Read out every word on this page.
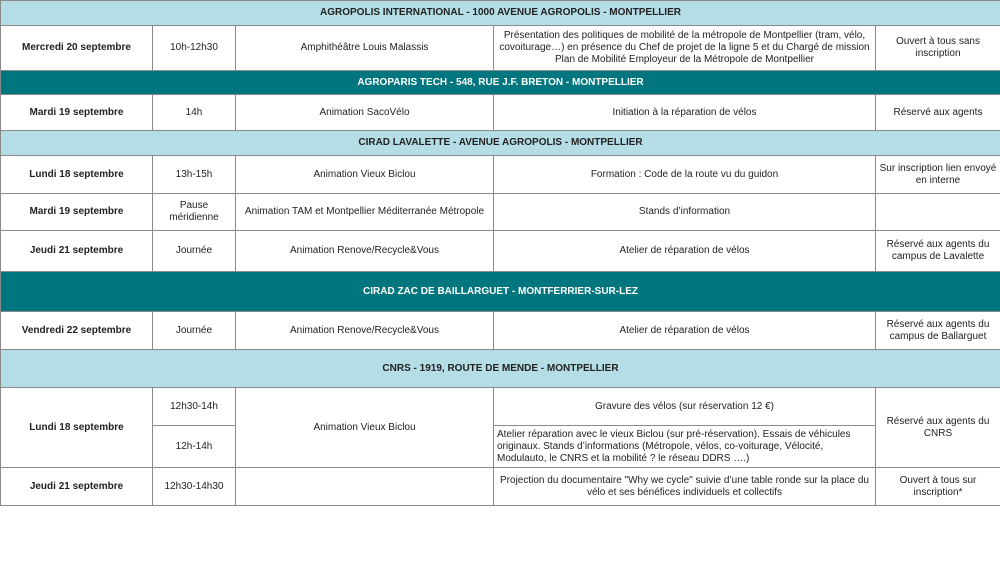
AGROPOLIS INTERNATIONAL - 1000 AVENUE AGROPOLIS - MONTPELLIER				
Mercredi 20 septembre	10h-12h30	Amphithéâtre Louis Malassis	Présentation des politiques de mobilité de la métropole de Montpellier (tram, vélo, covoiturage…) en présence du Chef de projet de la ligne 5 et du Chargé de mission Plan de Mobilité Employeur de la Métropole de Montpellier	Ouvert à tous sans inscription
AGROPARIS TECH - 548, RUE J.F. BRETON - MONTPELLIER				
Mardi 19 septembre	14h	Animation SacoVélo	Initiation à la réparation de vélos	Réservé aux agents
CIRAD LAVALETTE - AVENUE AGROPOLIS - MONTPELLIER				
Lundi 18 septembre	13h-15h	Animation Vieux Biclou	Formation : Code de la route vu du guidon	Sur inscription lien envoyé en interne
Mardi 19 septembre	Pause méridienne	Animation TAM et Montpellier Méditerranée Métropole	Stands d’information	
Jeudi 21 septembre	Journée	Animation Renove/Recycle&Vous	Atelier de réparation de vélos	Réservé aux agents du campus de Lavalette
CIRAD ZAC DE BAILLARGUET - MONTFERRIER-SUR-LEZ				
Vendredi 22 septembre	Journée	Animation Renove/Recycle&Vous	Atelier de réparation de vélos	Réservé aux agents du campus de Ballarguet
CNRS - 1919, ROUTE DE MENDE - MONTPELLIER				
Lundi 18 septembre	12h30-14h	Animation Vieux Biclou	Gravure des vélos (sur réservation 12 €)	Réservé aux agents du CNRS
	12h-14h		Atelier réparation avec le vieux Biclou (sur pré-réservation). Essais de véhicules originaux. Stands d’informations (Métropole, vélos, co-voiturage, Vélocité, Modulauto, le CNRS et la mobilité ? le réseau DDRS ….)	
Jeudi 21 septembre	12h30-14h30		Projection du documentaire "Why we cycle" suivie d’une table ronde sur la place du vélo et ses bénéfices individuels et collectifs	Ouvert à tous sur inscription*
